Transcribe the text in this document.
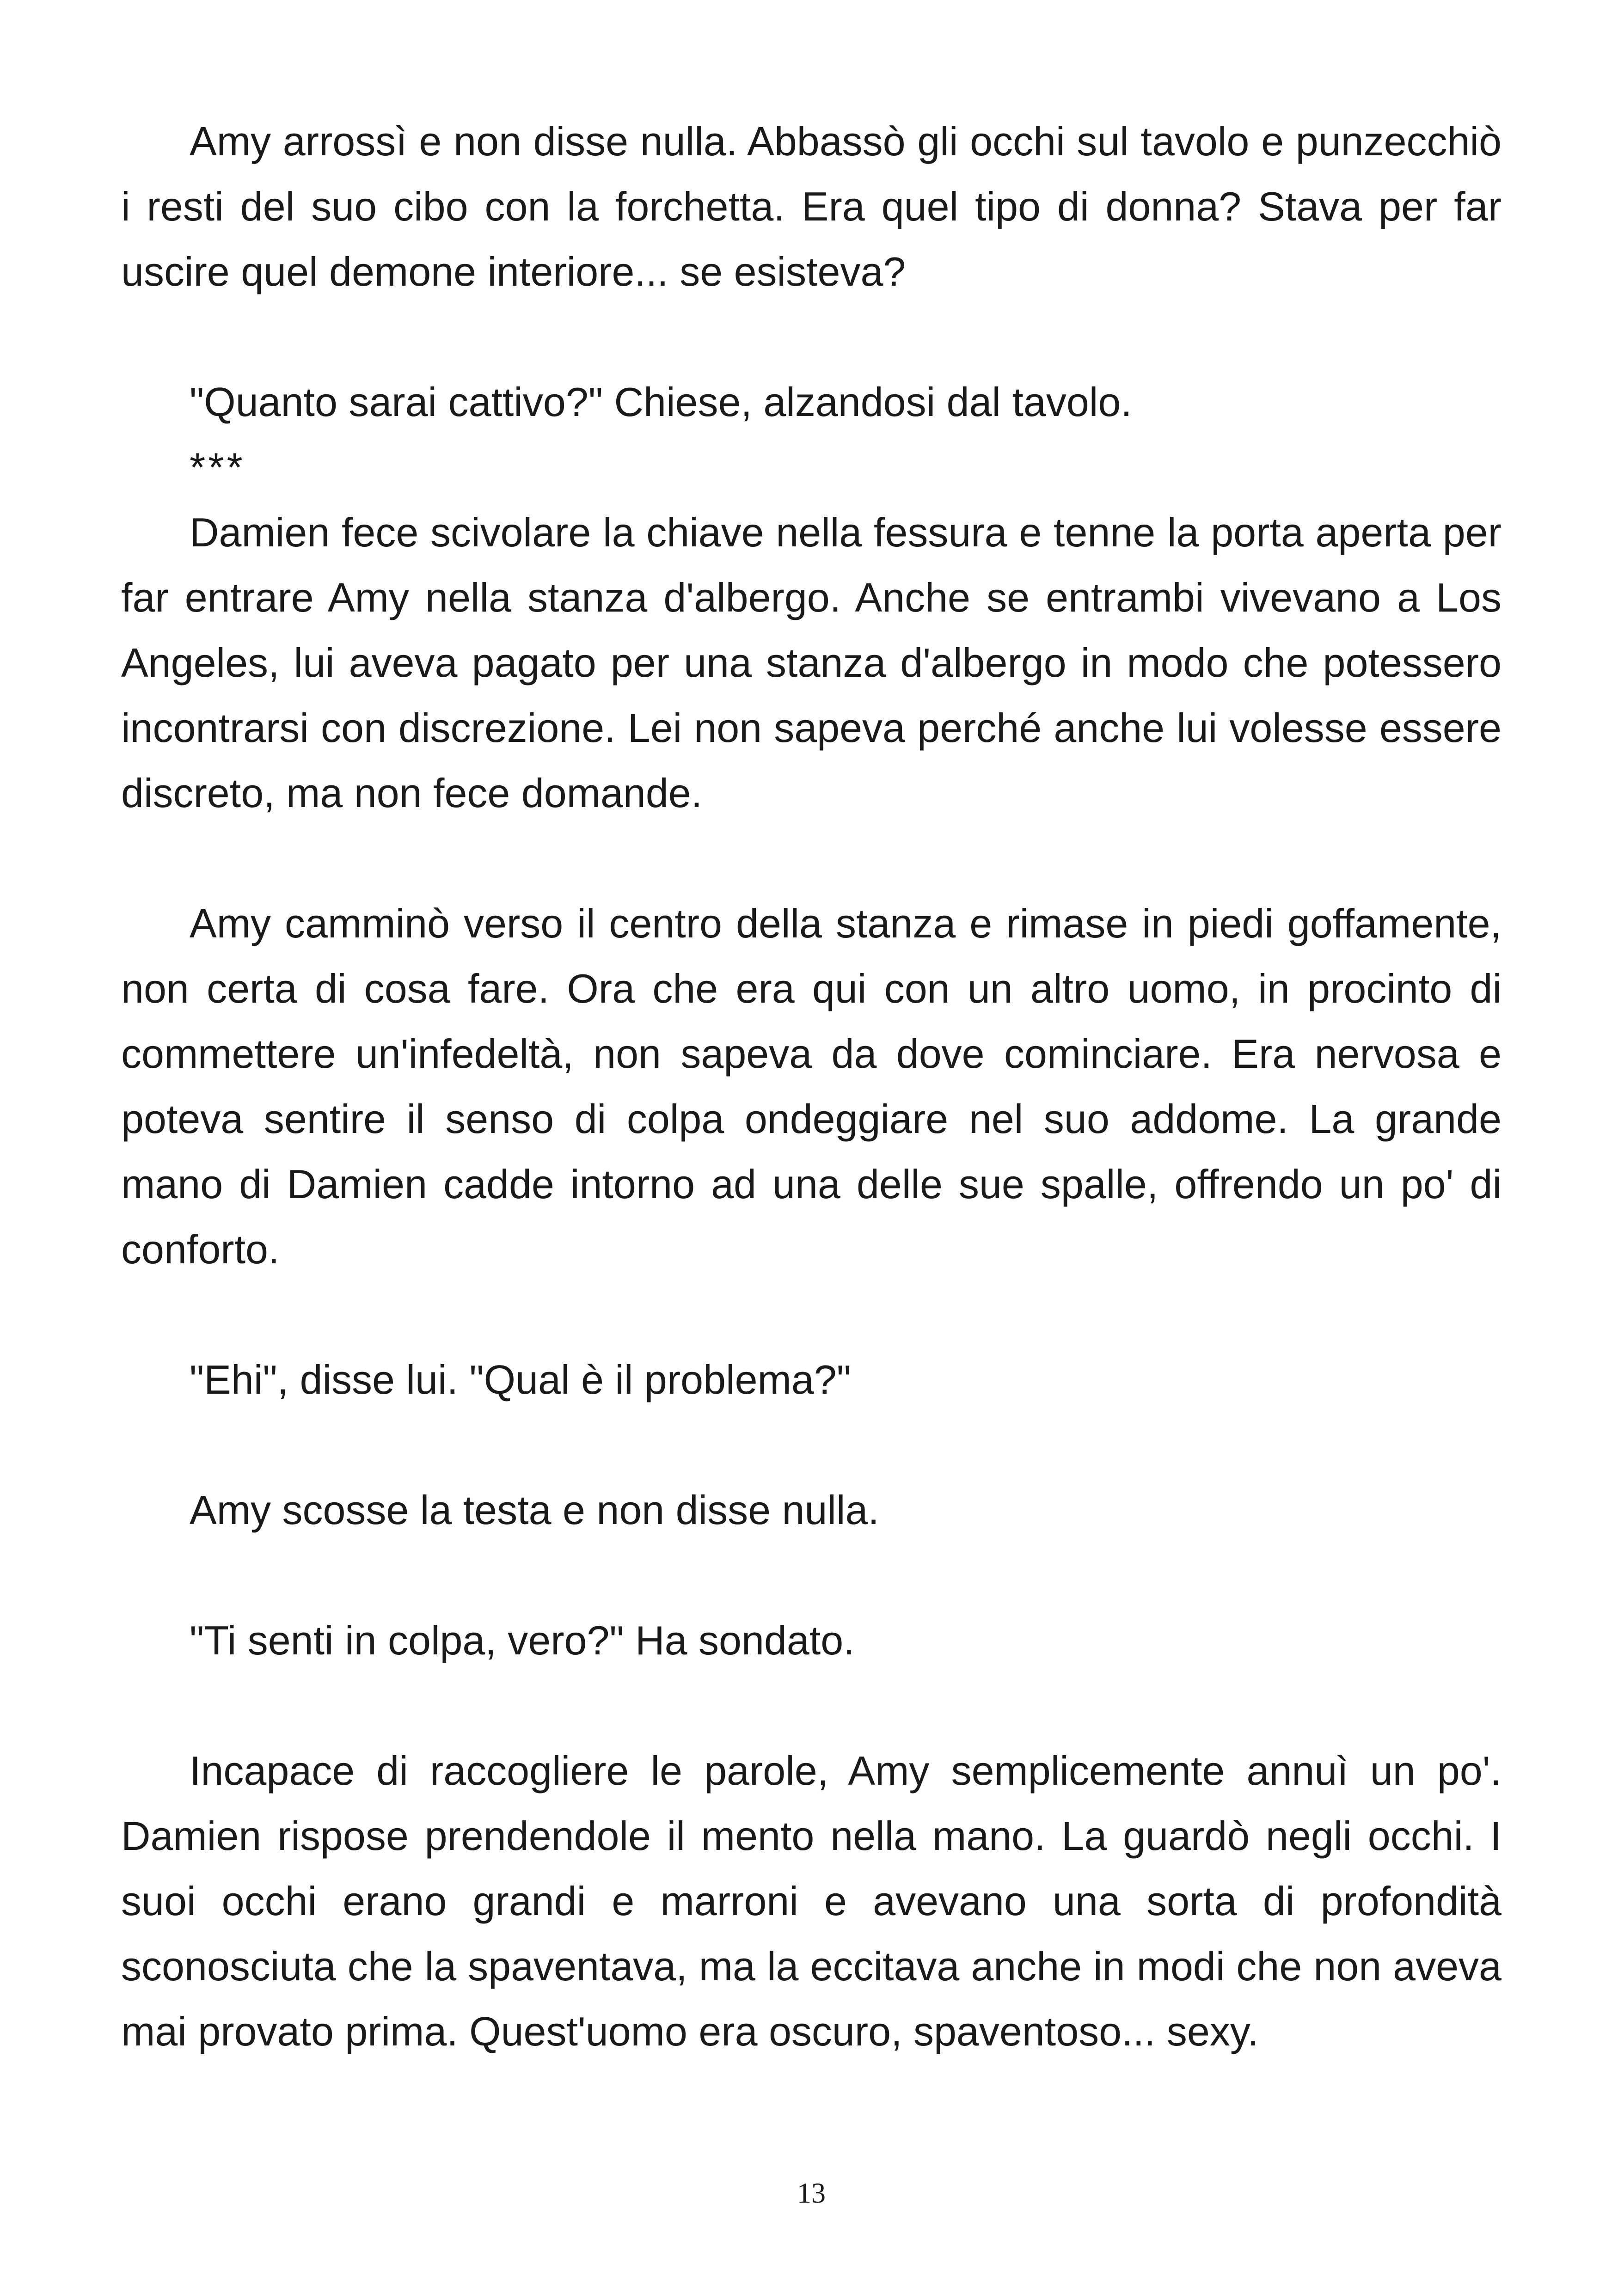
Amy arrossì e non disse nulla. Abbassò gli occhi sul tavolo e punzecchiò i resti del suo cibo con la forchetta. Era quel tipo di donna? Stava per far uscire quel demone interiore... se esisteva?

"Quanto sarai cattivo?" Chiese, alzandosi dal tavolo.

***

Damien fece scivolare la chiave nella fessura e tenne la porta aperta per far entrare Amy nella stanza d'albergo. Anche se entrambi vivevano a Los Angeles, lui aveva pagato per una stanza d'albergo in modo che potessero incontrarsi con discrezione. Lei non sapeva perché anche lui volesse essere discreto, ma non fece domande.

Amy camminò verso il centro della stanza e rimase in piedi goffamente, non certa di cosa fare. Ora che era qui con un altro uomo, in procinto di commettere un'infedeltà, non sapeva da dove cominciare. Era nervosa e poteva sentire il senso di colpa ondeggiare nel suo addome. La grande mano di Damien cadde intorno ad una delle sue spalle, offrendo un po' di conforto.

"Ehi", disse lui. "Qual è il problema?"

Amy scosse la testa e non disse nulla.

"Ti senti in colpa, vero?" Ha sondato.

Incapace di raccogliere le parole, Amy semplicemente annuì un po'. Damien rispose prendendole il mento nella mano. La guardò negli occhi. I suoi occhi erano grandi e marroni e avevano una sorta di profondità sconosciuta che la spaventava, ma la eccitava anche in modi che non aveva mai provato prima. Quest'uomo era oscuro, spaventoso... sexy.

13
